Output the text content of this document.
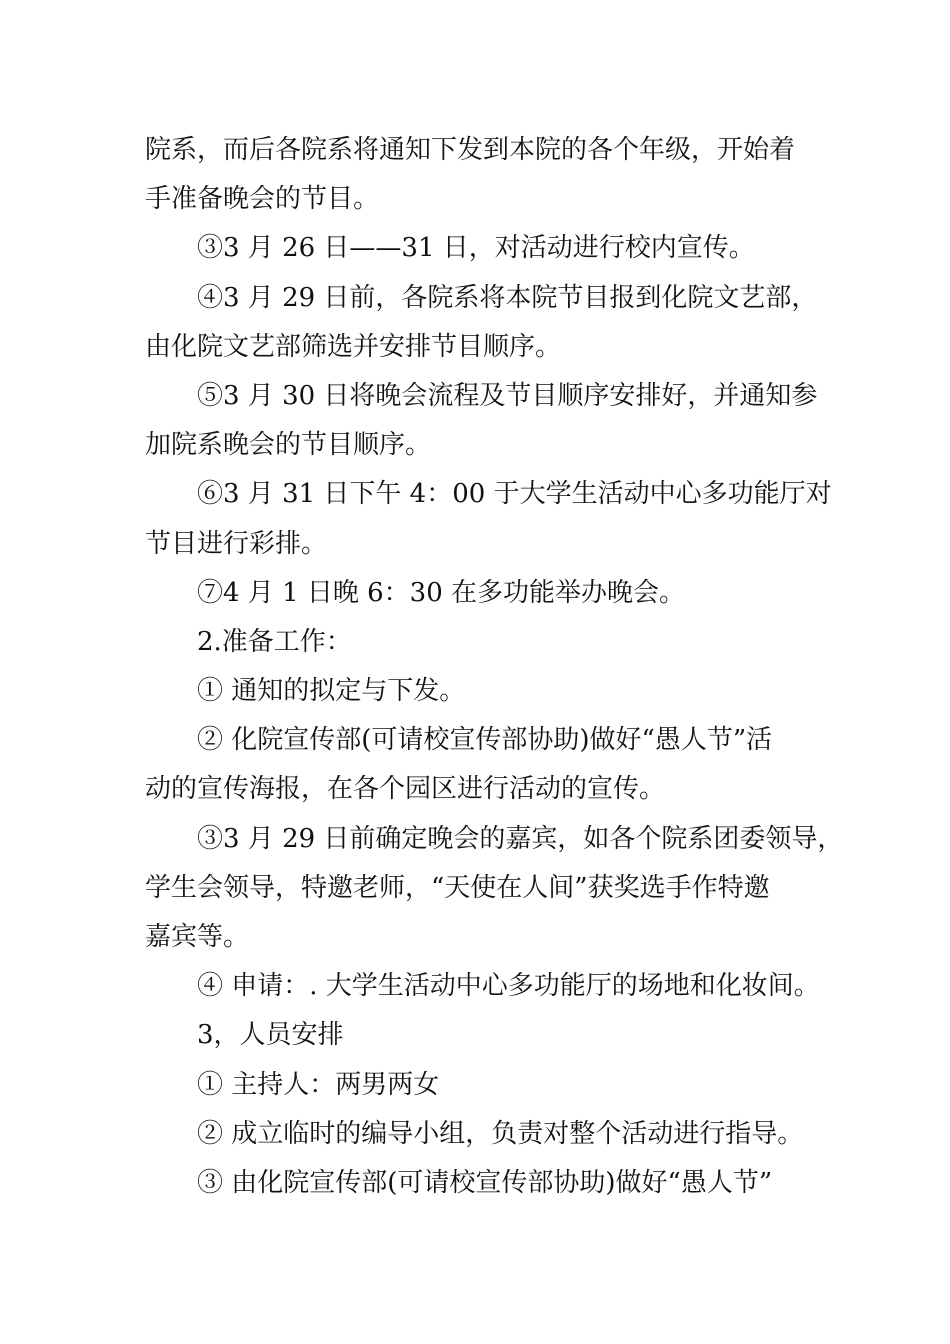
院系，而后各院系将通知下发到本院的各个年级，开始着
手准备晚会的节目。
③3 月 26 日——31 日，对活动进行校内宣传。
④3 月 29 日前，各院系将本院节目报到化院文艺部，
由化院文艺部筛选并安排节目顺序。
⑤3 月 30 日将晚会流程及节目顺序安排好，并通知参
加院系晚会的节目顺序。
⑥3 月 31 日下午 4：00 于大学生活动中心多功能厅对
节目进行彩排。
⑦4 月 1 日晚 6：30 在多功能举办晚会。
2.准备工作：
① 通知的拟定与下发。
② 化院宣传部(可请校宣传部协助)做好“愚人节”活
动的宣传海报，在各个园区进行活动的宣传。
③3 月 29 日前确定晚会的嘉宾，如各个院系团委领导，
学生会领导，特邀老师，“天使在人间”获奖选手作特邀
嘉宾等。
④ 申请：. 大学生活动中心多功能厅的场地和化妆间。
3，人员安排
① 主持人：两男两女
② 成立临时的编导小组，负责对整个活动进行指导。
③ 由化院宣传部(可请校宣传部协助)做好“愚人节”
